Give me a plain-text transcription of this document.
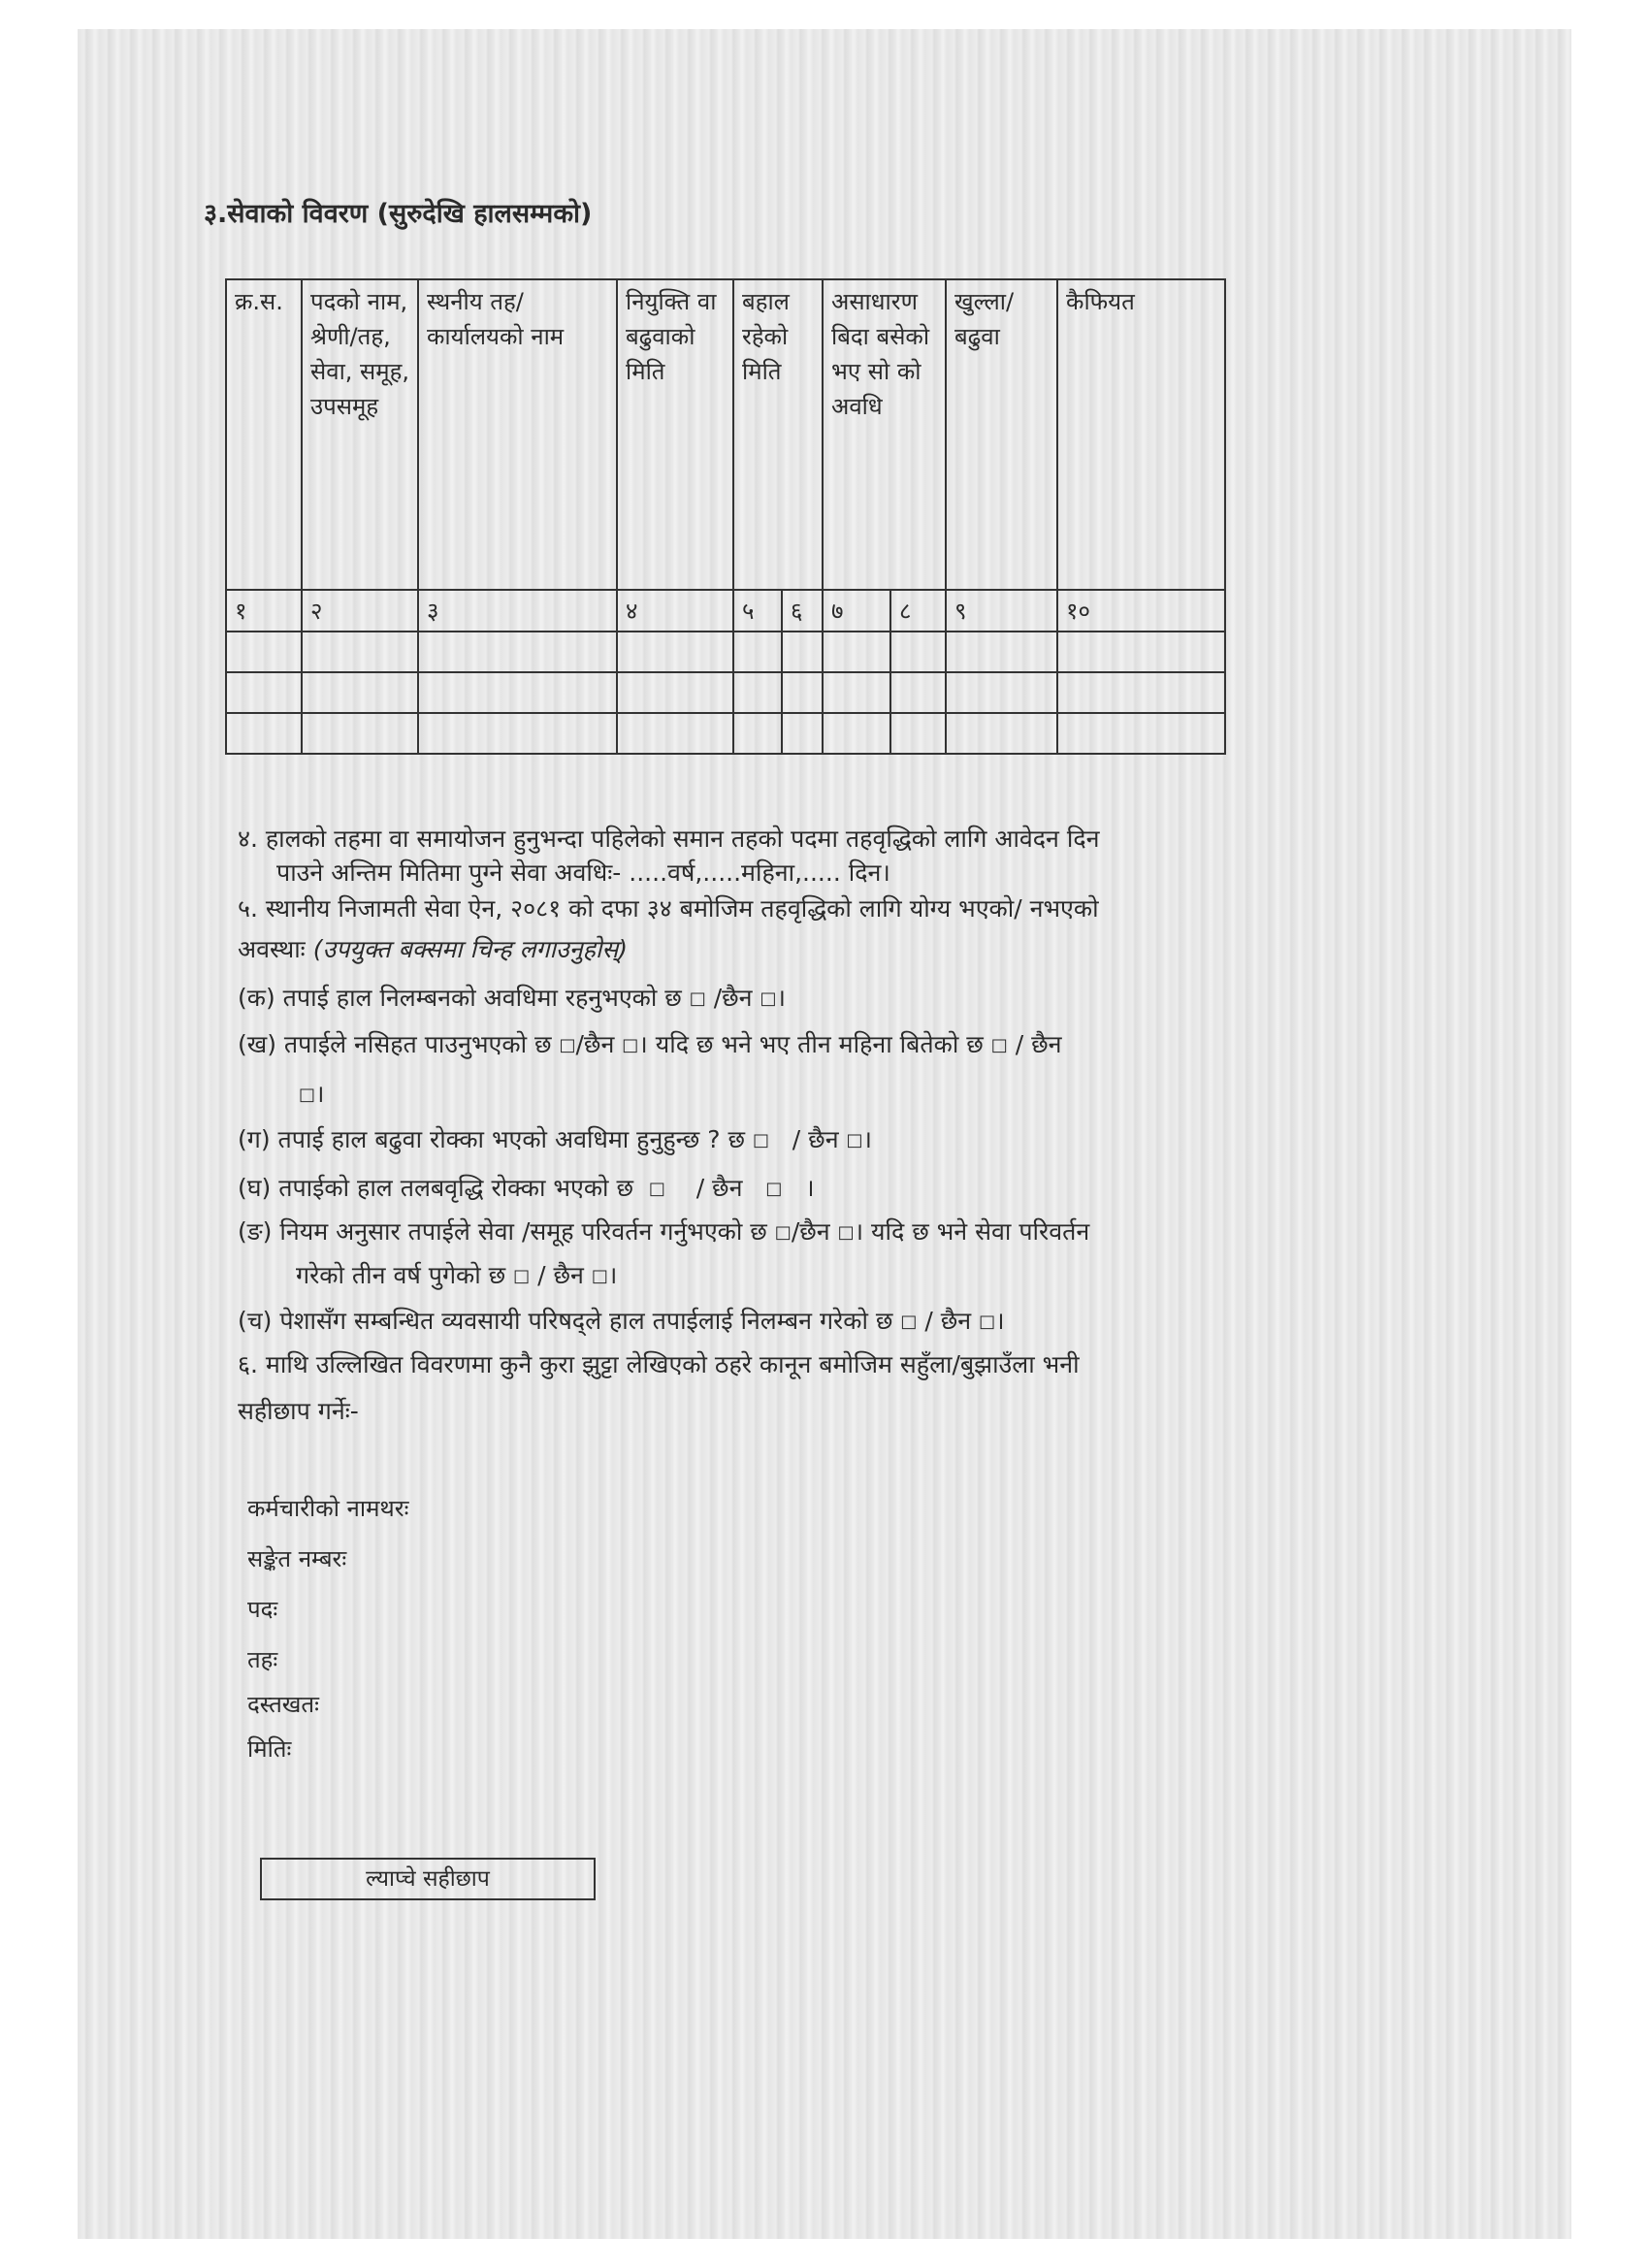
३.सेवाको विवरण (सुरुदेखि हालसम्मको)
क्र.स.	पदको नाम, श्रेणी/तह, सेवा, समूह, उपसमूह	स्थनीय तह/कार्यालयको नाम	नियुक्ति वा बढुवाको मिति	बहाल रहेको मिति		असाधारण बिदा बसेको भए सो को अवधि		खुल्ला/ बढुवा	कैफियत
१	२	३	४	५	६	७	८	९	१०

४. हालको तहमा वा समायोजन हुनुभन्दा पहिलेको समान तहको पदमा तहवृद्धिको लागि आवेदन दिन
पाउने अन्तिम मितिमा पुग्ने सेवा अवधिः- .....वर्ष,.....महिना,..... दिन।
५. स्थानीय निजामती सेवा ऐन, २०८१ को दफा ३४ बमोजिम तहवृद्धिको लागि योग्य भएको/ नभएको
अवस्थाः (उपयुक्त बक्समा चिन्ह लगाउनुहोस्)
(क) तपाई हाल निलम्बनको अवधिमा रहनुभएको छ □ /छैन □।
(ख) तपाईले नसिहत पाउनुभएको छ □/छैन □। यदि छ भने भए तीन महिना बितेको छ □ / छैन
□।
(ग) तपाई हाल बढुवा रोक्का भएको अवधिमा हुनुहुन्छ ? छ □ / छैन □।
(घ) तपाईको हाल तलबवृद्धि रोक्का भएको छ □ / छैन □ ।
(ङ) नियम अनुसार तपाईले सेवा /समूह परिवर्तन गर्नुभएको छ □/छैन □। यदि छ भने सेवा परिवर्तन
गरेको तीन वर्ष पुगेको छ □ / छैन □।
(च) पेशासँग सम्बन्धित व्यवसायी परिषद्ले हाल तपाईलाई निलम्बन गरेको छ □ / छैन □।
६. माथि उल्लिखित विवरणमा कुनै कुरा झुट्टा लेखिएको ठहरे कानून बमोजिम सहुँला/बुझाउँला भनी
सहीछाप गर्नेः-
कर्मचारीको नामथरः
सङ्केत नम्बरः
पदः
तहः
दस्तखतः
मितिः
ल्याप्चे सहीछाप
